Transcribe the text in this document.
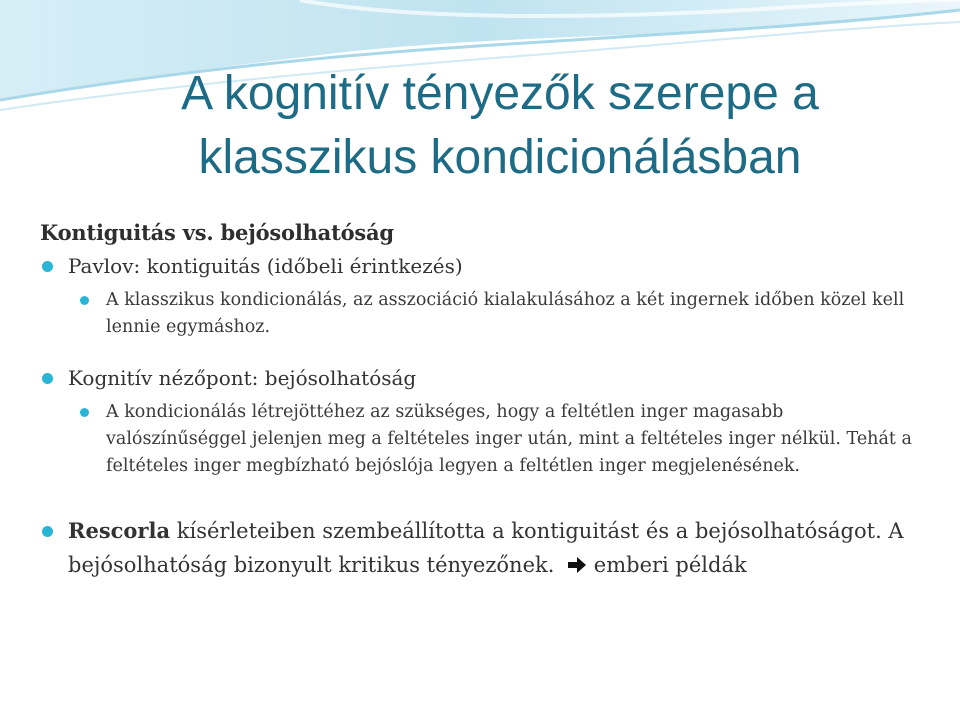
A kognitív tényezők szerepe a
klasszikus kondicionálásban
Kontiguitás vs. bejósolhatóság
Pavlov: kontiguitás (időbeli érintkezés)
A klasszikus kondicionálás, az asszociáció kialakulásához a két ingernek időben közel kell lennie egymáshoz.
Kognitív nézőpont: bejósolhatóság
A kondicionálás létrejöttéhez az szükséges, hogy a feltétlen inger magasabb valószínűséggel jelenjen meg a feltételes inger után, mint a feltételes inger nélkül. Tehát a feltételes inger megbízható bejóslója legyen a feltétlen inger megjelenésének.
Rescorla kísérleteiben szembeállította a kontiguitást és a bejósolhatóságot. A bejósolhatóság bizonyult kritikus tényezőnek. emberi példák
